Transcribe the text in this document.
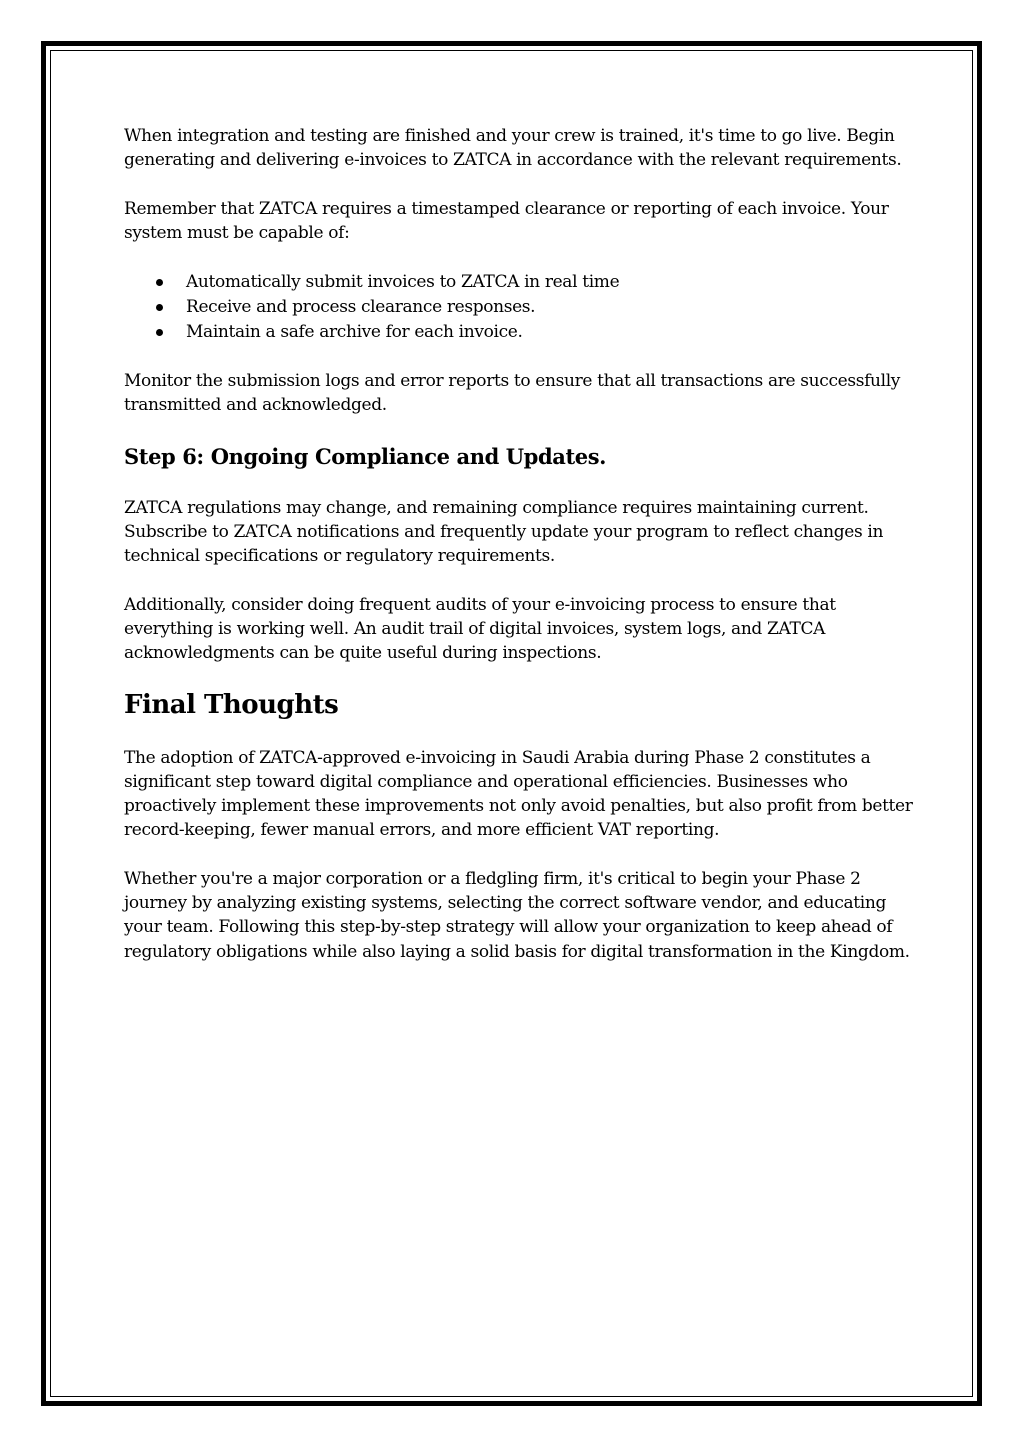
When integration and testing are finished and your crew is trained, it's time to go live. Begin generating and delivering e-invoices to ZATCA in accordance with the relevant requirements.

Remember that ZATCA requires a timestamped clearance or reporting of each invoice. Your system must be capable of:

Automatically submit invoices to ZATCA in real time
Receive and process clearance responses.
Maintain a safe archive for each invoice.

Monitor the submission logs and error reports to ensure that all transactions are successfully transmitted and acknowledged.

Step 6: Ongoing Compliance and Updates.

ZATCA regulations may change, and remaining compliance requires maintaining current. Subscribe to ZATCA notifications and frequently update your program to reflect changes in technical specifications or regulatory requirements.

Additionally, consider doing frequent audits of your e-invoicing process to ensure that everything is working well. An audit trail of digital invoices, system logs, and ZATCA acknowledgments can be quite useful during inspections.

Final Thoughts

The adoption of ZATCA-approved e-invoicing in Saudi Arabia during Phase 2 constitutes a significant step toward digital compliance and operational efficiencies. Businesses who proactively implement these improvements not only avoid penalties, but also profit from better record-keeping, fewer manual errors, and more efficient VAT reporting.

Whether you're a major corporation or a fledgling firm, it's critical to begin your Phase 2 journey by analyzing existing systems, selecting the correct software vendor, and educating your team. Following this step-by-step strategy will allow your organization to keep ahead of regulatory obligations while also laying a solid basis for digital transformation in the Kingdom.
